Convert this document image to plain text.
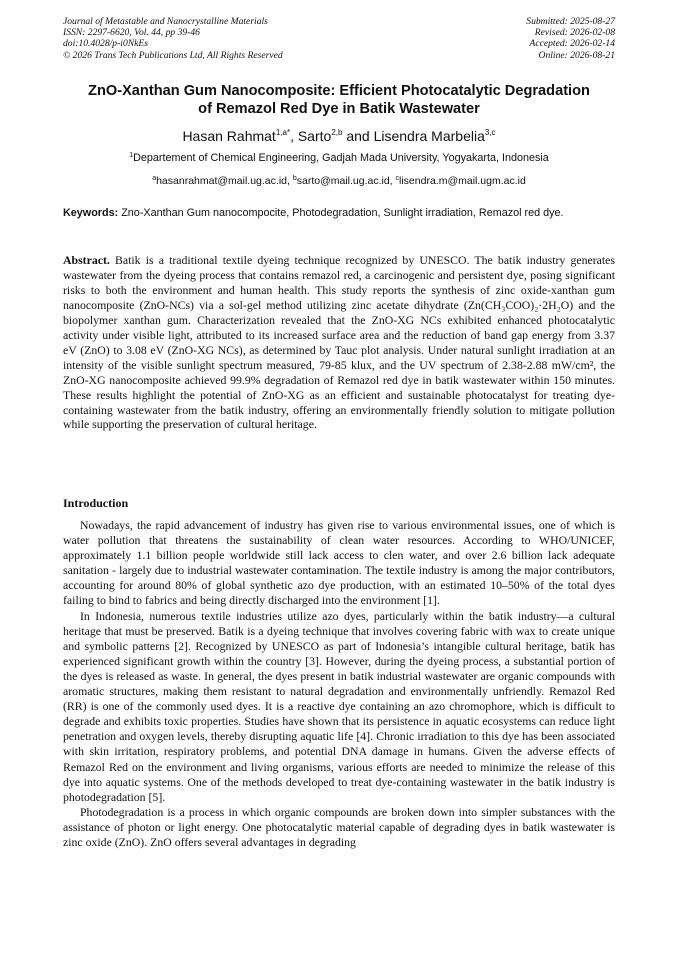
Journal of Metastable and Nanocrystalline Materials
ISSN: 2297-6620, Vol. 44, pp 39-46
doi:10.4028/p-i0NkEs
© 2026 Trans Tech Publications Ltd, All Rights Reserved
Submitted: 2025-08-27
Revised: 2026-02-08
Accepted: 2026-02-14
Online: 2026-08-21
ZnO-Xanthan Gum Nanocomposite: Efficient Photocatalytic Degradation
of Remazol Red Dye in Batik Wastewater
Hasan Rahmat$^{1,a*}$, Sarto$^{2,b}$ and Lisendra Marbelia$^{3,c}$
$^1$Departement of Chemical Engineering, Gadjah Mada University, Yogyakarta, Indonesia
$^a$hasanrahmat@mail.ug.ac.id, $^b$sarto@mail.ug.ac.id, $^c$lisendra.m@mail.ugm.ac.id
Keywords: Zno-Xanthan Gum nanocompocite, Photodegradation, Sunlight irradiation, Remazol red dye.
Abstract. Batik is a traditional textile dyeing technique recognized by UNESCO. The batik industry generates wastewater from the dyeing process that contains remazol red, a carcinogenic and persistent dye, posing significant risks to both the environment and human health. This study reports the synthesis of zinc oxide-xanthan gum nanocomposite (ZnO-NCs) via a sol-gel method utilizing zinc acetate dihydrate (Zn(CH₃COO)₂·2H₂O) and the biopolymer xanthan gum. Characterization revealed that the ZnO-XG NCs exhibited enhanced photocatalytic activity under visible light, attributed to its increased surface area and the reduction of band gap energy from 3.37 eV (ZnO) to 3.08 eV (ZnO-XG NCs), as determined by Tauc plot analysis. Under natural sunlight irradiation at an intensity of the visible sunlight spectrum measured, 79-85 klux, and the UV spectrum of 2.38-2.88 mW/cm², the ZnO-XG nanocomposite achieved 99.9% degradation of Remazol red dye in batik wastewater within 150 minutes. These results highlight the potential of ZnO-XG as an efficient and sustainable photocatalyst for treating dye-containing wastewater from the batik industry, offering an environmentally friendly solution to mitigate pollution while supporting the preservation of cultural heritage.
Introduction

Nowadays, the rapid advancement of industry has given rise to various environmental issues, one of which is water pollution that threatens the sustainability of clean water resources. According to WHO/UNICEF, approximately 1.1 billion people worldwide still lack access to clen water, and over 2.6 billion lack adequate sanitation - largely due to industrial wastewater contamination. The textile industry is among the major contributors, accounting for around 80% of global synthetic azo dye production, with an estimated 10–50% of the total dyes failing to bind to fabrics and being directly discharged into the environment [1].

In Indonesia, numerous textile industries utilize azo dyes, particularly within the batik industry—a cultural heritage that must be preserved. Batik is a dyeing technique that involves covering fabric with wax to create unique and symbolic patterns [2]. Recognized by UNESCO as part of Indonesia’s intangible cultural heritage, batik has experienced significant growth within the country [3]. However, during the dyeing process, a substantial portion of the dyes is released as waste. In general, the dyes present in batik industrial wastewater are organic compounds with aromatic structures, making them resistant to natural degradation and environmentally unfriendly. Remazol Red (RR) is one of the commonly used dyes. It is a reactive dye containing an azo chromophore, which is difficult to degrade and exhibits toxic properties. Studies have shown that its persistence in aquatic ecosystems can reduce light penetration and oxygen levels, thereby disrupting aquatic life [4]. Chronic irradiation to this dye has been associated with skin irritation, respiratory problems, and potential DNA damage in humans. Given the adverse effects of Remazol Red on the environment and living organisms, various efforts are needed to minimize the release of this dye into aquatic systems. One of the methods developed to treat dye-containing wastewater in the batik industry is photodegradation [5].

Photodegradation is a process in which organic compounds are broken down into simpler substances with the assistance of photon or light energy. One photocatalytic material capable of degrading dyes in batik wastewater is zinc oxide (ZnO). ZnO offers several advantages in degrading
